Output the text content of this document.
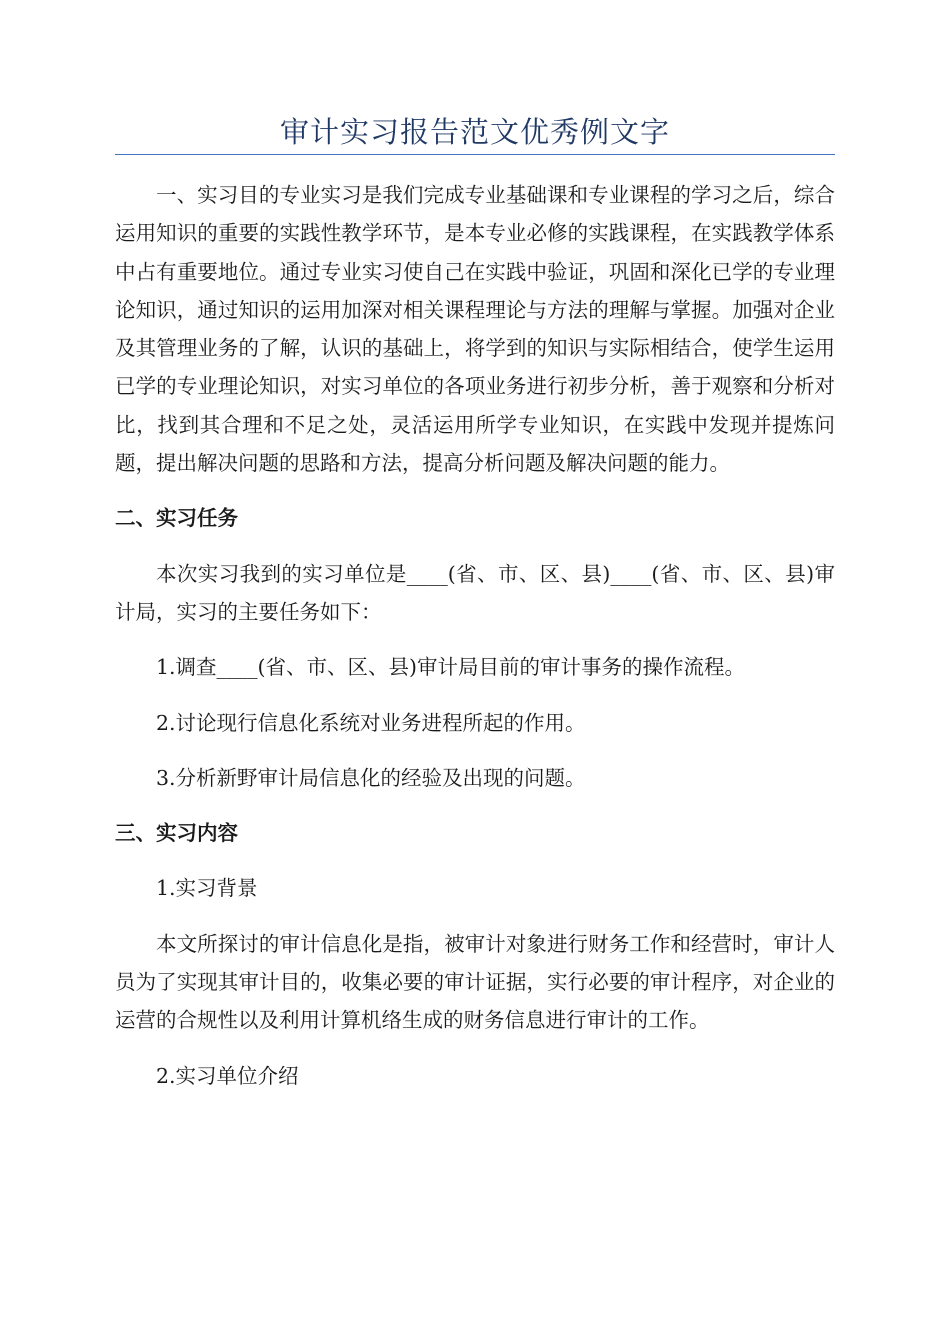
审计实习报告范文优秀例文字

一、实习目的专业实习是我们完成专业基础课和专业课程的学习之后，综合运用知识的重要的实践性教学环节，是本专业必修的实践课程，在实践教学体系中占有重要地位。通过专业实习使自己在实践中验证，巩固和深化已学的专业理论知识，通过知识的运用加深对相关课程理论与方法的理解与掌握。加强对企业及其管理业务的了解，认识的基础上，将学到的知识与实际相结合，使学生运用已学的专业理论知识，对实习单位的各项业务进行初步分析，善于观察和分析对比，找到其合理和不足之处，灵活运用所学专业知识，在实践中发现并提炼问题，提出解决问题的思路和方法，提高分析问题及解决问题的能力。

二、实习任务

本次实习我到的实习单位是____(省、市、区、县)____(省、市、区、县)审计局，实习的主要任务如下：

1.调查____(省、市、区、县)审计局目前的审计事务的操作流程。

2.讨论现行信息化系统对业务进程所起的作用。

3.分析新野审计局信息化的经验及出现的问题。

三、实习内容

1.实习背景

本文所探讨的审计信息化是指，被审计对象进行财务工作和经营时，审计人员为了实现其审计目的，收集必要的审计证据，实行必要的审计程序，对企业的运营的合规性以及利用计算机络生成的财务信息进行审计的工作。

2.实习单位介绍
